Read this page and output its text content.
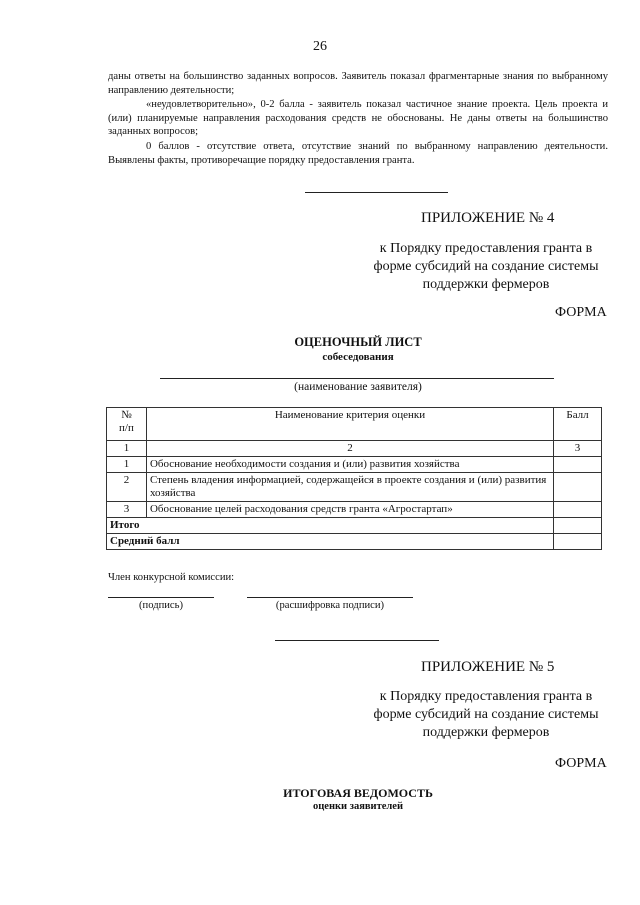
26
даны ответы на большинство заданных вопросов. Заявитель показал фрагментарные знания по выбранному направлению деятельности;
«неудовлетворительно», 0-2 балла - заявитель показал частичное знание проекта. Цель проекта и (или) планируемые направления расходования средств не обоснованы. Не даны ответы на большинство заданных вопросов;
0 баллов - отсутствие ответа, отсутствие знаний по выбранному направлению деятельности. Выявлены факты, противоречащие порядку предоставления гранта.
ПРИЛОЖЕНИЕ № 4
к Порядку предоставления гранта в
форме субсидий на создание системы
поддержки фермеров
ФОРМА
ОЦЕНОЧНЫЙ ЛИСТ
собеседования
(наименование заявителя)
№
п/п	Наименование критерия оценки	Балл
1	2	3
1	Обоснование необходимости создания и (или) развития хозяйства	
2	Степень владения информацией, содержащейся в проекте создания и (или) развития хозяйства	
3	Обоснование целей расходования средств гранта «Агростартап»	
Итого		
Средний балл		
Член конкурсной комиссии:
(подпись)	(расшифровка подписи)
ПРИЛОЖЕНИЕ № 5
к Порядку предоставления гранта в
форме субсидий на создание системы
поддержки фермеров
ФОРМА
ИТОГОВАЯ ВЕДОМОСТЬ
оценки заявителей
